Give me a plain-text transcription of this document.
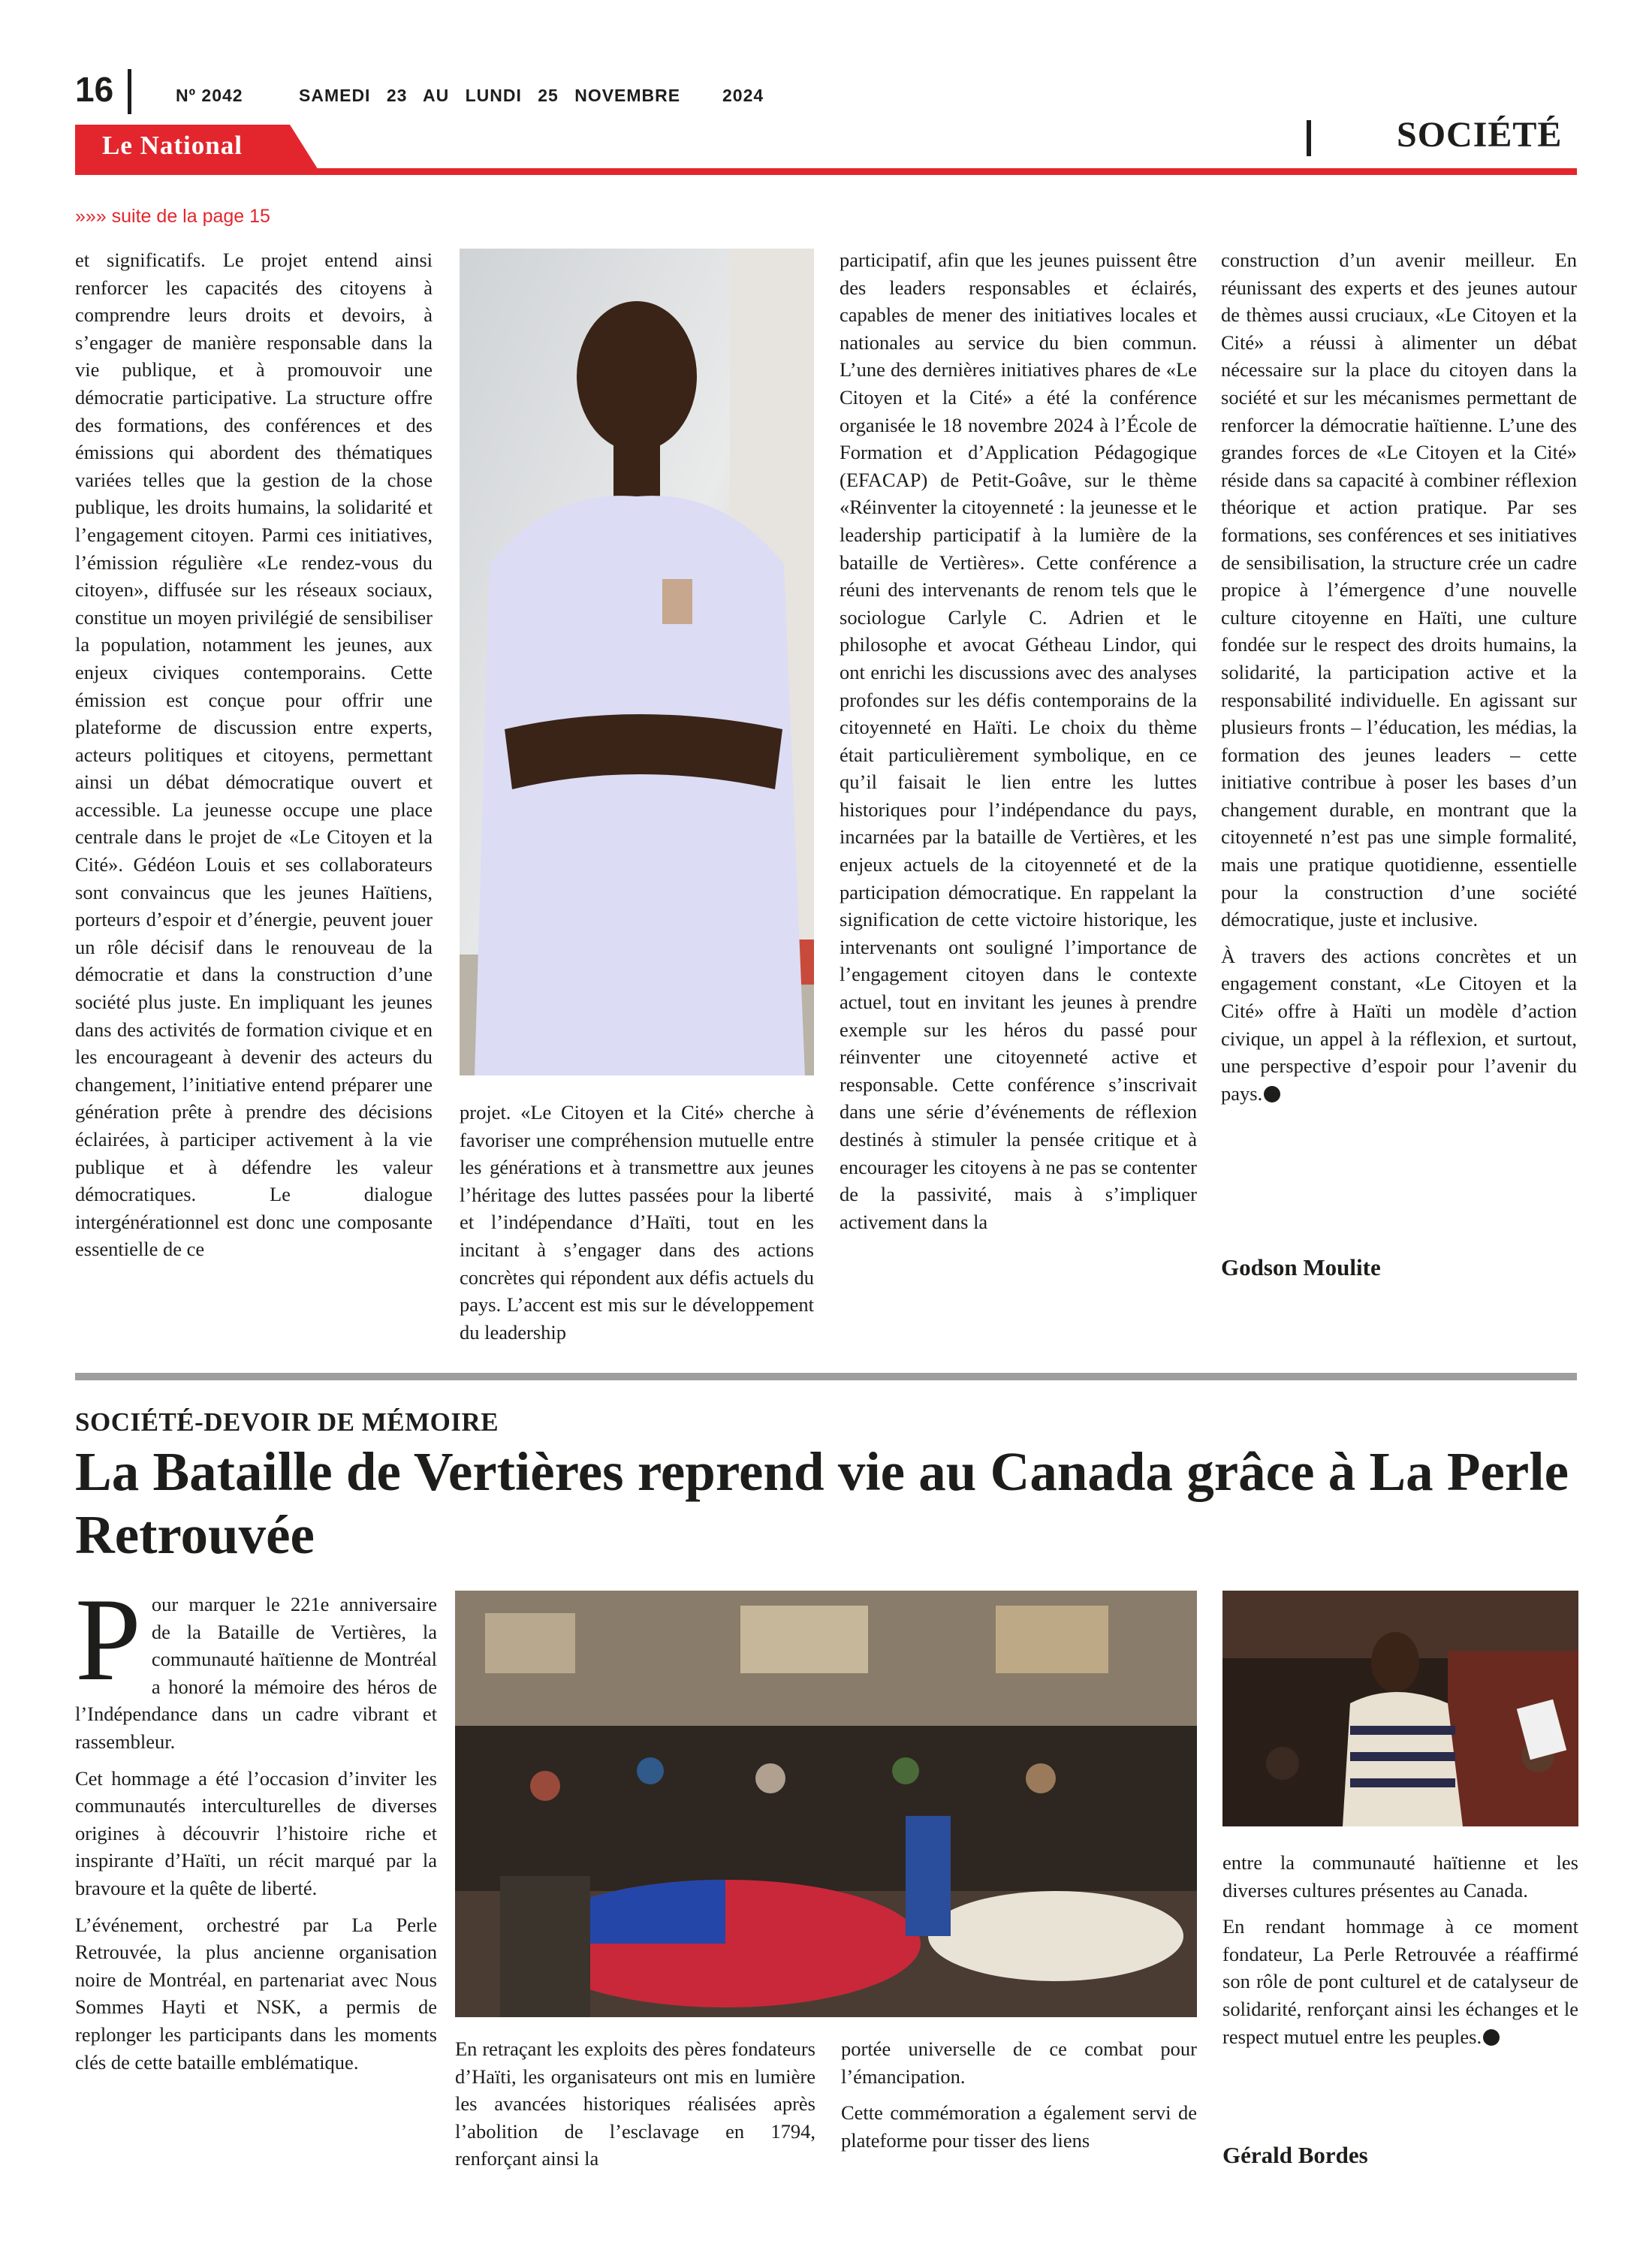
16	Nº 2042	SAMEDI 23 AU LUNDI 25 NOVEMBRE 2024
Le National	SOCIÉTÉ
»»» suite de la page 15

et significatifs. Le projet entend ainsi renforcer les capacités des citoyens à comprendre leurs droits et devoirs, à s’engager de manière responsable dans la vie publique, et à promouvoir une démocratie participative. La structure offre des formations, des conférences et des émissions qui abordent des thématiques variées telles que la gestion de la chose publique, les droits humains, la solidarité et l’engagement citoyen. Parmi ces initiatives, l’émission régulière «Le rendez-vous du citoyen», diffusée sur les réseaux sociaux, constitue un moyen privilégié de sensibiliser la population, notamment les jeunes, aux enjeux civiques contemporains. Cette émission est conçue pour offrir une plateforme de discussion entre experts, acteurs politiques et citoyens, permettant ainsi un débat démocratique ouvert et accessible. La jeunesse occupe une place centrale dans le projet de «Le Citoyen et la Cité». Gédéon Louis et ses collaborateurs sont convaincus que les jeunes Haïtiens, porteurs d’espoir et d’énergie, peuvent jouer un rôle décisif dans le renouveau de la démocratie et dans la construction d’une société plus juste. En impliquant les jeunes dans des activités de formation civique et en les encourageant à devenir des acteurs du changement, l’initiative entend préparer une génération prête à prendre des décisions éclairées, à participer activement à la vie publique et à défendre les valeur démocratiques. Le dialogue intergénérationnel est donc une composante essentielle de ce

projet. «Le Citoyen et la Cité» cherche à favoriser une compréhension mutuelle entre les générations et à transmettre aux jeunes l’héritage des luttes passées pour la liberté et l’indépendance d’Haïti, tout en les incitant à s’engager dans des actions concrètes qui répondent aux défis actuels du pays. L’accent est mis sur le développement du leadership

participatif, afin que les jeunes puissent être des leaders responsables et éclairés, capables de mener des initiatives locales et nationales au service du bien commun. L’une des dernières initiatives phares de «Le Citoyen et la Cité» a été la conférence organisée le 18 novembre 2024 à l’École de Formation et d’Application Pédagogique (EFACAP) de Petit-Goâve, sur le thème «Réinventer la citoyenneté : la jeunesse et le leadership participatif à la lumière de la bataille de Vertières». Cette conférence a réuni des intervenants de renom tels que le sociologue Carlyle C. Adrien et le philosophe et avocat Gétheau Lindor, qui ont enrichi les discussions avec des analyses profondes sur les défis contemporains de la citoyenneté en Haïti. Le choix du thème était particulièrement symbolique, en ce qu’il faisait le lien entre les luttes historiques pour l’indépendance du pays, incarnées par la bataille de Vertières, et les enjeux actuels de la citoyenneté et de la participation démocratique. En rappelant la signification de cette victoire historique, les intervenants ont souligné l’importance de l’engagement citoyen dans le contexte actuel, tout en invitant les jeunes à prendre exemple sur les héros du passé pour réinventer une citoyenneté active et responsable. Cette conférence s’inscrivait dans une série d’événements de réflexion destinés à stimuler la pensée critique et à encourager les citoyens à ne pas se contenter de la passivité, mais à s’impliquer activement dans la

construction d’un avenir meilleur. En réunissant des experts et des jeunes autour de thèmes aussi cruciaux, «Le Citoyen et la Cité» a réussi à alimenter un débat nécessaire sur la place du citoyen dans la société et sur les mécanismes permettant de renforcer la démocratie haïtienne. L’une des grandes forces de «Le Citoyen et la Cité» réside dans sa capacité à combiner réflexion théorique et action pratique. Par ses formations, ses conférences et ses initiatives de sensibilisation, la structure crée un cadre propice à l’émergence d’une nouvelle culture citoyenne en Haïti, une culture fondée sur le respect des droits humains, la solidarité, la participation active et la responsabilité individuelle. En agissant sur plusieurs fronts – l’éducation, les médias, la formation des jeunes leaders – cette initiative contribue à poser les bases d’un changement durable, en montrant que la citoyenneté n’est pas une simple formalité, mais une pratique quotidienne, essentielle pour la construction d’une société démocratique, juste et inclusive.

À travers des actions concrètes et un engagement constant, «Le Citoyen et la Cité» offre à Haïti un modèle d’action civique, un appel à la réflexion, et surtout, une perspective d’espoir pour l’avenir du pays.

Godson Moulite
SOCIÉTÉ-DEVOIR DE MÉMOIRE
La Bataille de Vertières reprend vie au Canada grâce à La Perle Retrouvée

Pour marquer le 221e anniversaire de la Bataille de Vertières, la communauté haïtienne de Montréal a honoré la mémoire des héros de l’Indépendance dans un cadre vibrant et rassembleur.

Cet hommage a été l’occasion d’inviter les communautés interculturelles de diverses origines à découvrir l’histoire riche et inspirante d’Haïti, un récit marqué par la bravoure et la quête de liberté.

L’événement, orchestré par La Perle Retrouvée, la plus ancienne organisation noire de Montréal, en partenariat avec Nous Sommes Hayti et NSK, a permis de replonger les participants dans les moments clés de cette bataille emblématique.

En retraçant les exploits des pères fondateurs d’Haïti, les organisateurs ont mis en lumière les avancées historiques réalisées après l’abolition de l’esclavage en 1794, renforçant ainsi la

portée universelle de ce combat pour l’émancipation.

Cette commémoration a également servi de plateforme pour tisser des liens

entre la communauté haïtienne et les diverses cultures présentes au Canada.

En rendant hommage à ce moment fondateur, La Perle Retrouvée a réaffirmé son rôle de pont culturel et de catalyseur de solidarité, renforçant ainsi les échanges et le respect mutuel entre les peuples.

Gérald Bordes
